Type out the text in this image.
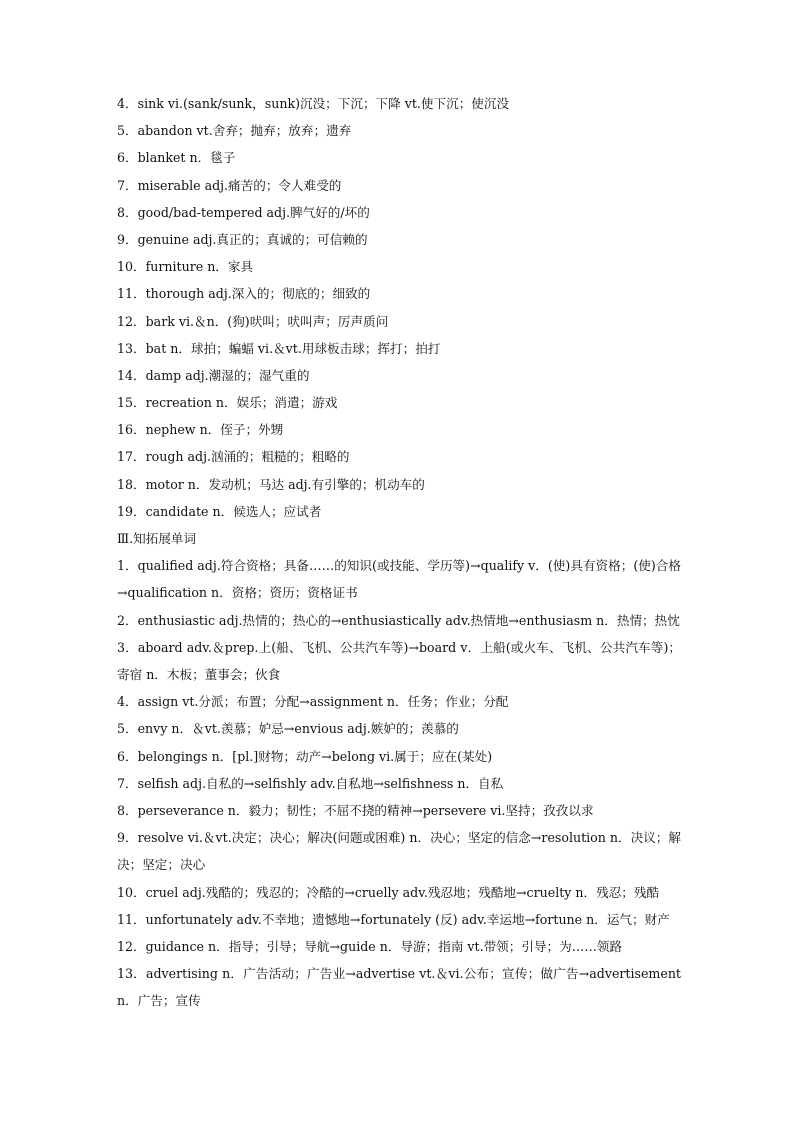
4．sink vi.(sank/sunk，sunk)沉没；下沉；下降 vt.使下沉；使沉没
5．abandon vt.舍弃；抛弃；放弃；遗弃
6．blanket n．毯子
7．miserable adj.痛苦的；令人难受的
8．good/bad-tempered adj.脾气好的/坏的
9．genuine adj.真正的；真诚的；可信赖的
10．furniture n．家具
11．thorough adj.深入的；彻底的；细致的
12．bark vi.＆n．(狗)吠叫；吠叫声；厉声质问
13．bat n．球拍；蝙蝠 vi.＆vt.用球板击球；挥打；拍打
14．damp adj.潮湿的；湿气重的
15．recreation n．娱乐；消遣；游戏
16．nephew n．侄子；外甥
17．rough adj.汹涌的；粗糙的；粗略的
18．motor n．发动机；马达 adj.有引擎的；机动车的
19．candidate n．候选人；应试者
Ⅲ.知拓展单词
1．qualified adj.符合资格；具备……的知识(或技能、学历等)→qualify v．(使)具有资格；(使)合格→qualification n．资格；资历；资格证书
2．enthusiastic adj.热情的；热心的→enthusiastically adv.热情地→enthusiasm n．热情；热忱
3．aboard adv.＆prep.上(船、飞机、公共汽车等)→board v．上船(或火车、飞机、公共汽车等)；寄宿 n．木板；董事会；伙食
4．assign vt.分派；布置；分配→assignment n．任务；作业；分配
5．envy n．＆vt.羡慕；妒忌→envious adj.嫉妒的；羡慕的
6．belongings n．[pl.]财物；动产→belong vi.属于；应在(某处)
7．selfish adj.自私的→selfishly adv.自私地→selfishness n．自私
8．perseverance n．毅力；韧性；不屈不挠的精神→persevere vi.坚持；孜孜以求
9．resolve vi.＆vt.决定；决心；解决(问题或困难) n．决心；坚定的信念→resolution n．决议；解决；坚定；决心
10．cruel adj.残酷的；残忍的；冷酷的→cruelly adv.残忍地；残酷地→cruelty n．残忍；残酷
11．unfortunately adv.不幸地；遗憾地→fortunately (反) adv.幸运地→fortune n．运气；财产
12．guidance n．指导；引导；导航→guide n．导游；指南 vt.带领；引导；为……领路
13．advertising n．广告活动；广告业→advertise vt.＆vi.公布；宣传；做广告→advertisement n．广告；宣传
